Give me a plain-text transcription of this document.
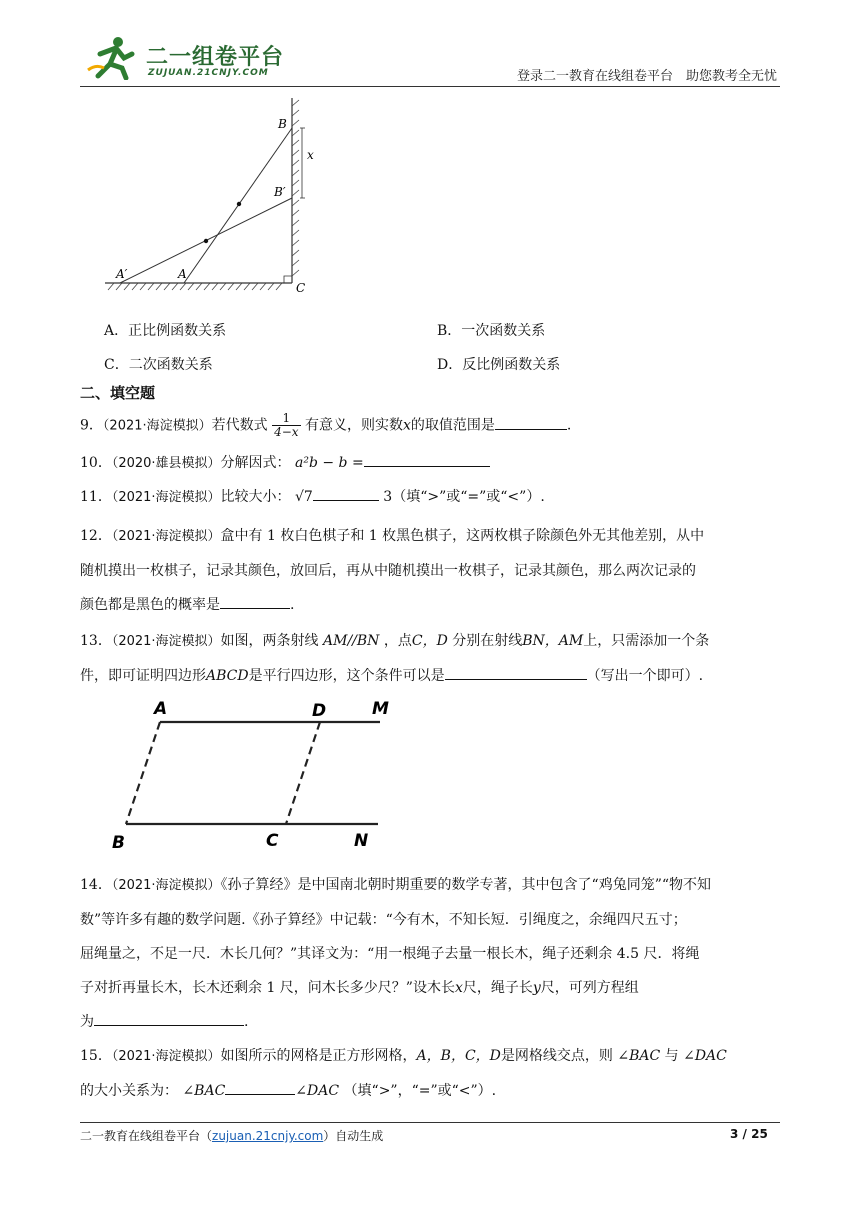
二一组卷平台
ZUJUAN.21CNJY.COM	登录二一教育在线组卷平台　助您教考全无忧
B
x
B′
A′	A
C
A．正比例函数关系	B．一次函数关系
C．二次函数关系	D．反比例函数关系
二、填空题
9．（2021·海淀模拟）若代数式 $\frac{1}{4-x}$ 有意义，则实数x的取值范围是	.
10．（2020·雄县模拟）分解因式： a²b − b =
11．（2021·海淀模拟）比较大小： √7	3（填“>”或“=”或“<”）.
12．（2021·海淀模拟）盒中有 1 枚白色棋子和 1 枚黑色棋子，这两枚棋子除颜色外无其他差别，从中
随机摸出一枚棋子，记录其颜色，放回后，再从中随机摸出一枚棋子，记录其颜色，那么两次记录的
颜色都是黑色的概率是	.
13．（2021·海淀模拟）如图，两条射线 AM//BN ，点C，D 分别在射线BN，AM上，只需添加一个条
件，即可证明四边形ABCD是平行四边形，这个条件可以是	（写出一个即可）.
A	D	M
B	C	N
14．（2021·海淀模拟）《孙子算经》是中国南北朝时期重要的数学专著，其中包含了“鸡兔同笼”“物不知
数”等许多有趣的数学问题.《孙子算经》中记载：“今有木，不知长短．引绳度之，余绳四尺五寸；
屈绳量之，不足一尺．木长几何？”其译文为：“用一根绳子去量一根长木，绳子还剩余 4.5 尺．将绳
子对折再量长木，长木还剩余 1 尺，问木长多少尺？”设木长x尺，绳子长y尺，可列方程组
为	.
15．（2021·海淀模拟）如图所示的网格是正方形网格，A，B，C，D是网格线交点，则 ∠BAC 与 ∠DAC
的大小关系为： ∠BAC	∠DAC （填“>”，“=”或“<”）.
二一教育在线组卷平台（zujuan.21cnjy.com）自动生成	3 / 25
